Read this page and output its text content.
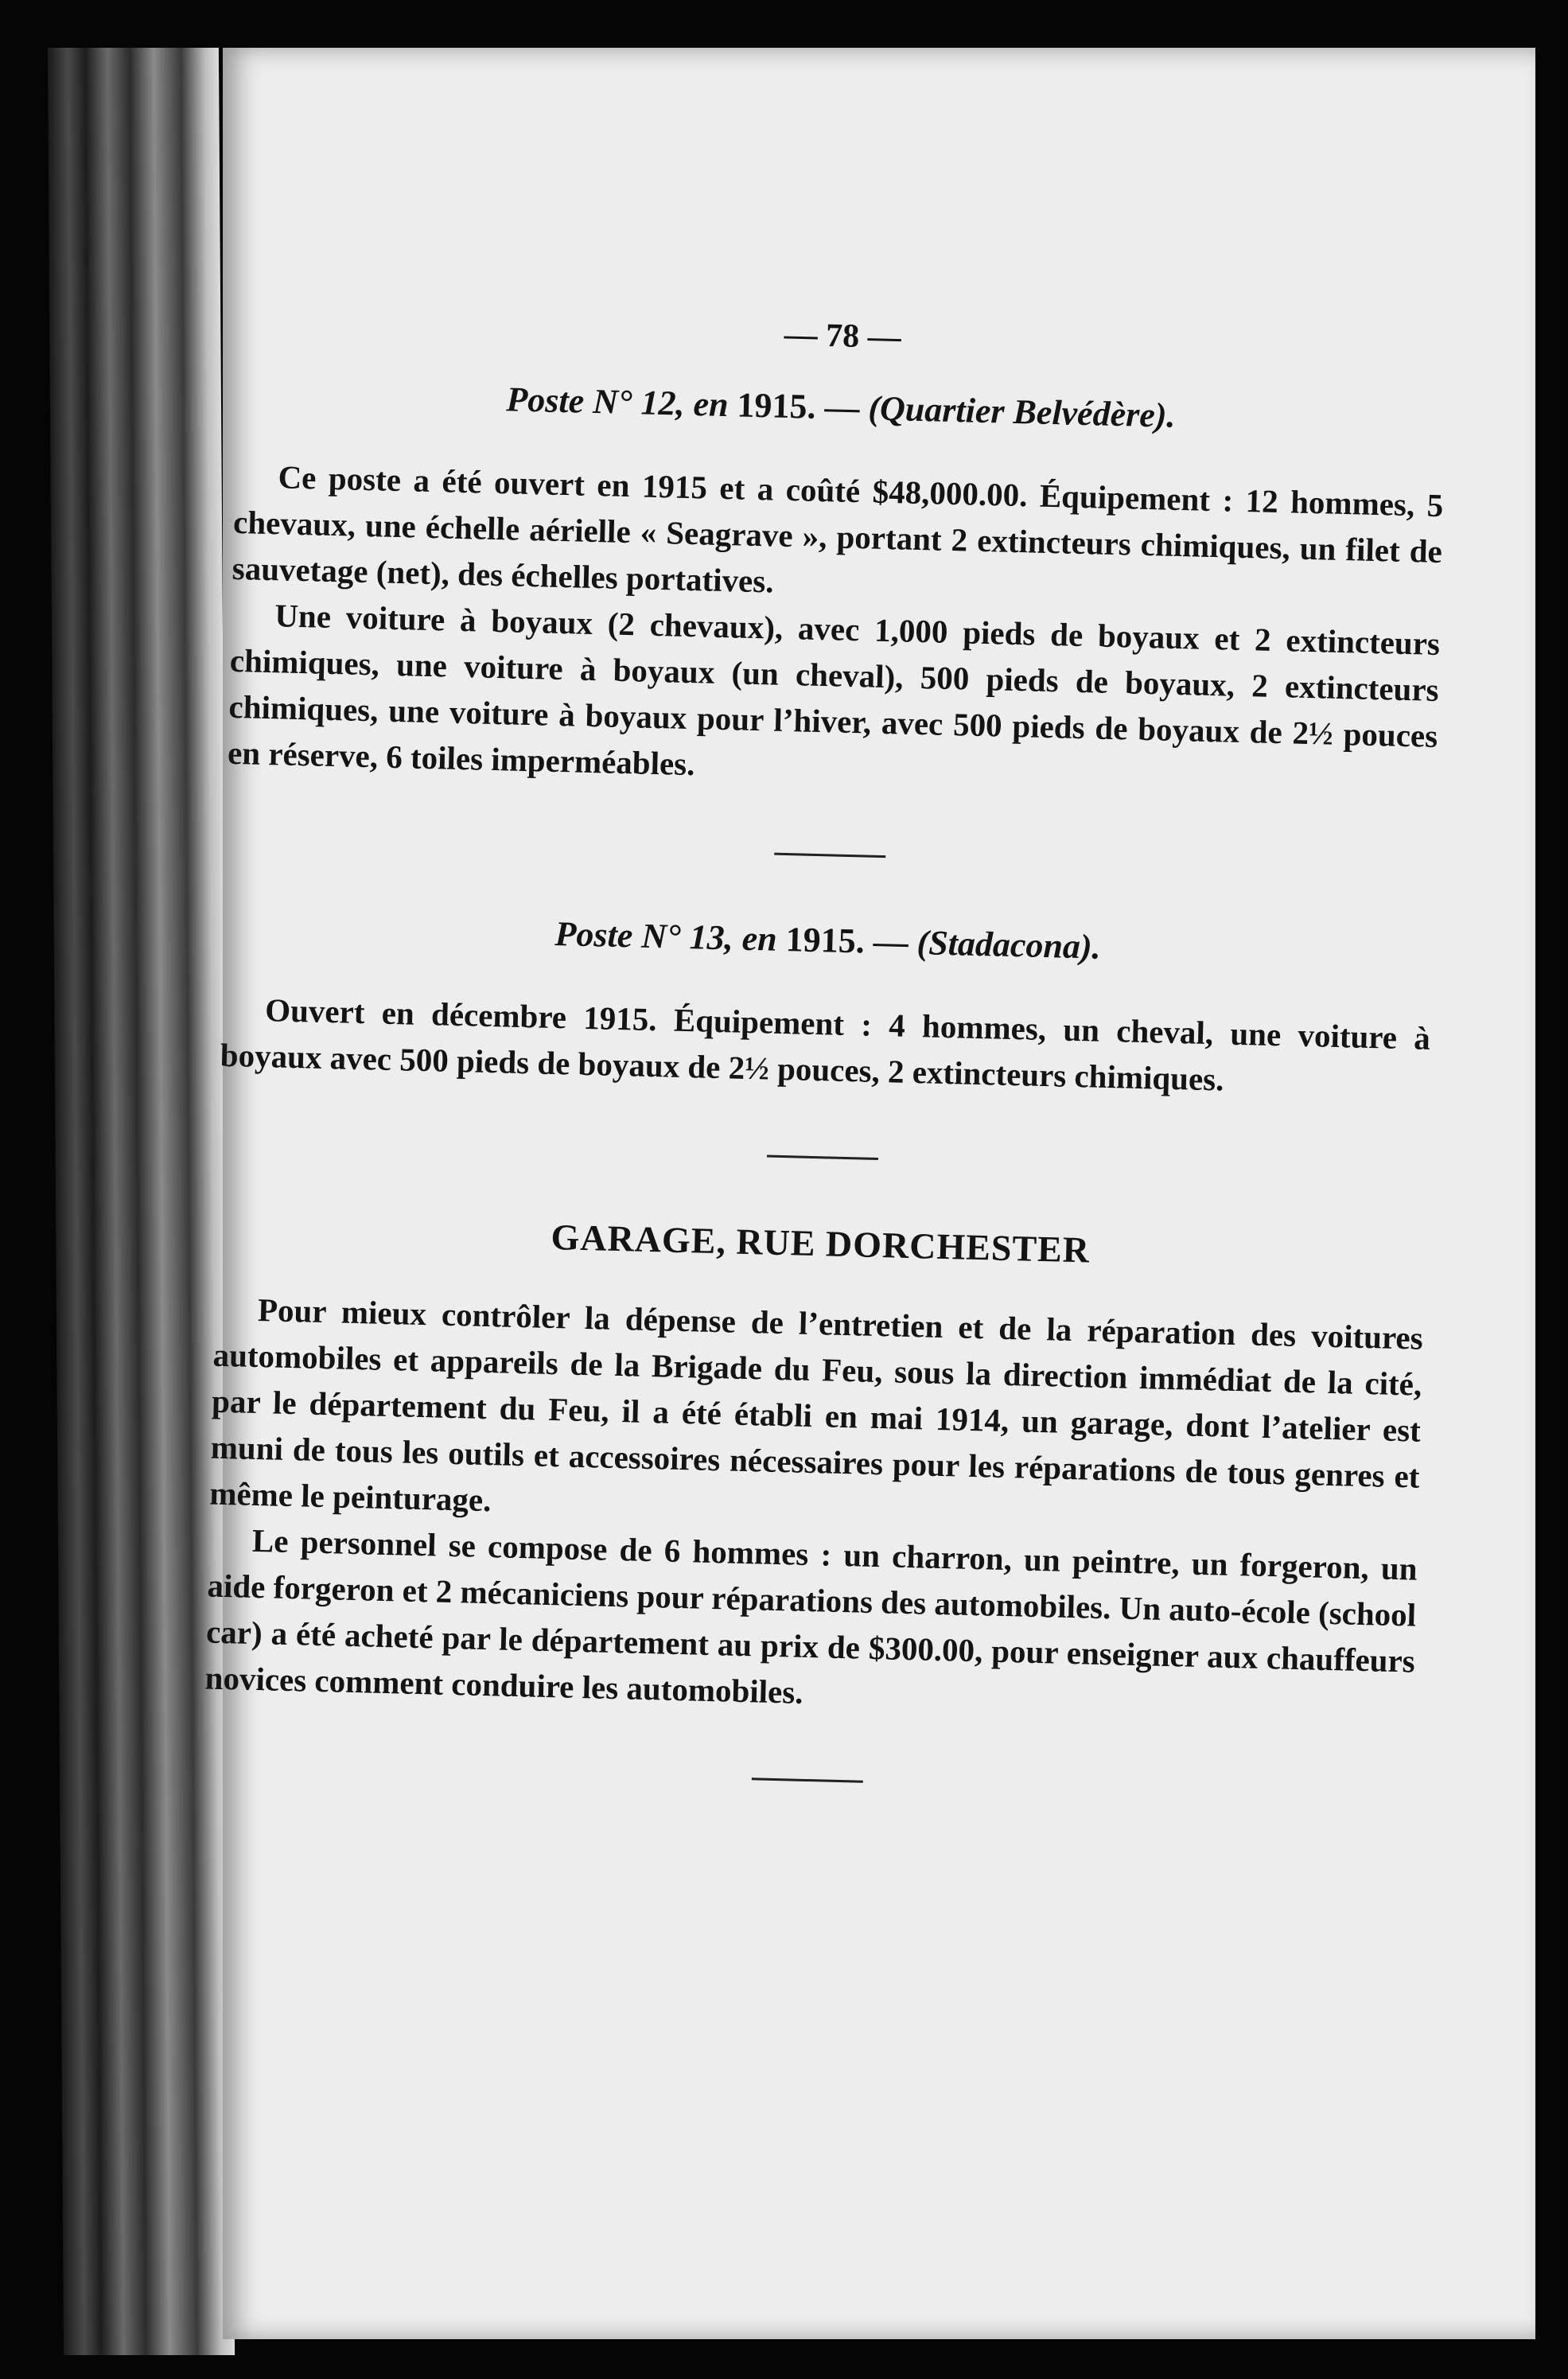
— 78 —
Poste N° 12, en 1915. — (Quartier Belvédère).

Ce poste a été ouvert en 1915 et a coûté $48,000.00. Équipement : 12 hommes, 5 chevaux, une échelle aérielle « Seagrave », portant 2 extincteurs chimiques, un filet de sauvetage (net), des échelles portatives.

Une voiture à boyaux (2 chevaux), avec 1,000 pieds de boyaux et 2 extincteurs chimiques, une voiture à boyaux (un cheval), 500 pieds de boyaux, 2 extincteurs chimiques, une voiture à boyaux pour l’hiver, avec 500 pieds de boyaux de 2½ pouces en réserve, 6 toiles imperméables.

Poste N° 13, en 1915. — (Stadacona).

Ouvert en décembre 1915. Équipement : 4 hommes, un cheval, une voiture à boyaux avec 500 pieds de boyaux de 2½ pouces, 2 extincteurs chimiques.

GARAGE, RUE DORCHESTER

Pour mieux contrôler la dépense de l’entretien et de la réparation des voitures automobiles et appareils de la Brigade du Feu, sous la direction immédiat de la cité, par le département du Feu, il a été établi en mai 1914, un garage, dont l’atelier est muni de tous les outils et accessoires nécessaires pour les réparations de tous genres et même le peinturage.

Le personnel se compose de 6 hommes : un charron, un peintre, un forgeron, un aide forgeron et 2 mécaniciens pour réparations des automobiles. Un auto-école (school car) a été acheté par le département au prix de $300.00, pour enseigner aux chauffeurs novices comment conduire les automobiles.
